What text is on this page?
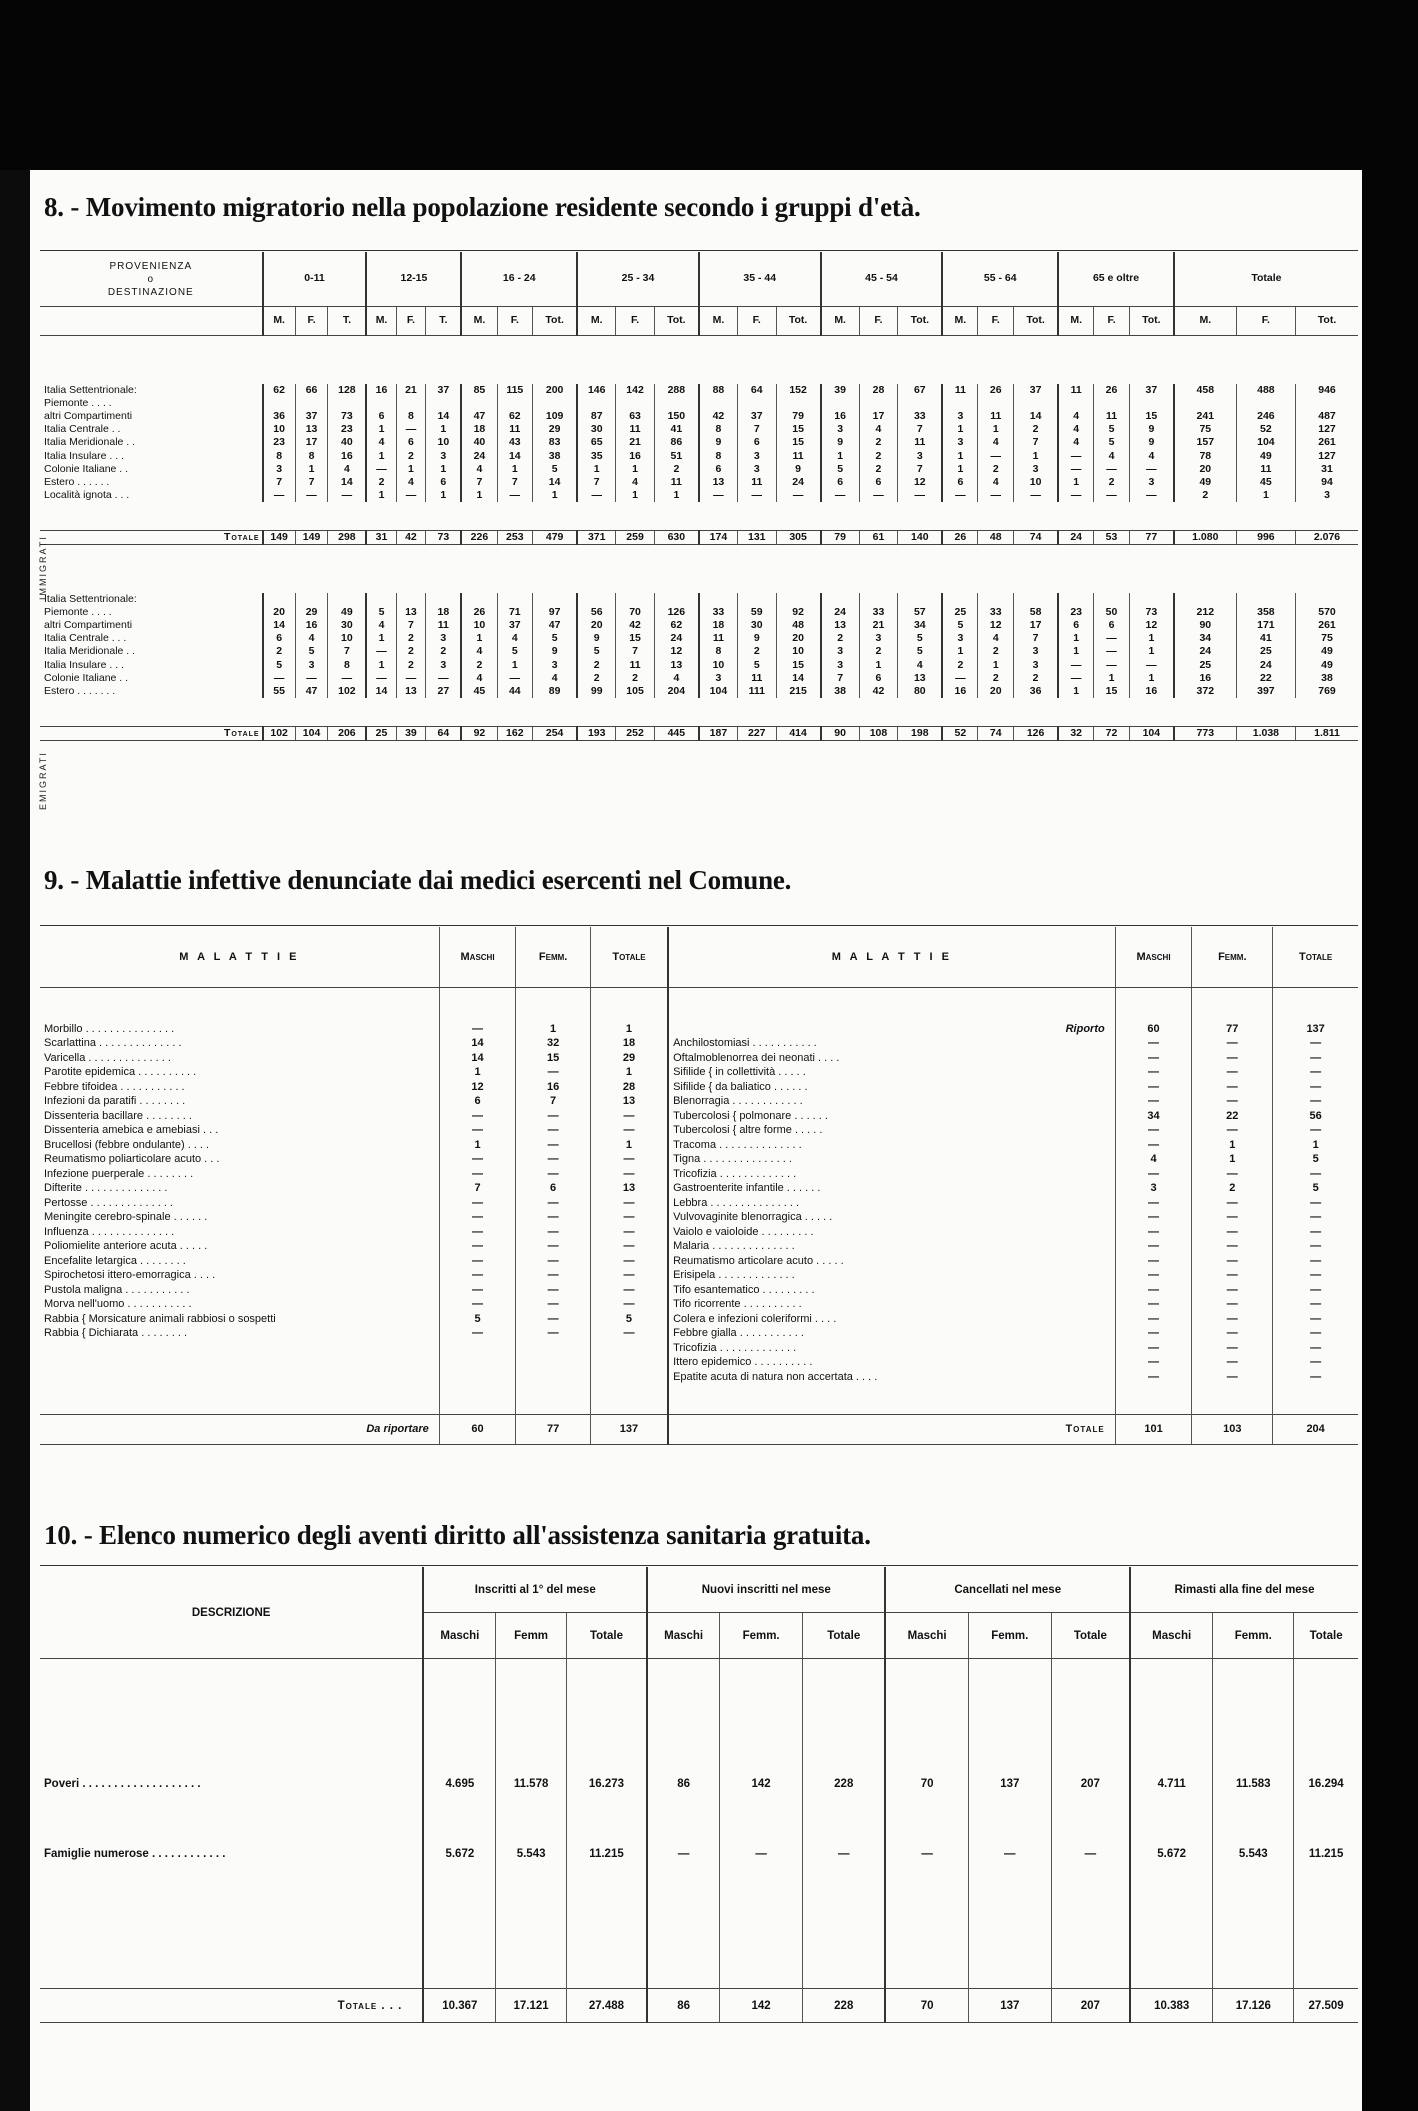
8. - Movimento migratorio nella popolazione residente secondo i gruppi d'età.
PROVENIENZA
o
DESTINAZIONE	0-11			12-15			16 - 24			25 - 34			35 - 44			45 - 54			55 - 64			65 e oltre			Totale		
	M.	F.	T.	M.	F.	T.	M.	F.	Tot.	M.	F.	Tot.	M.	F.	Tot.	M.	F.	Tot.	M.	F.	Tot.	M.	F.	Tot.	M.	F.	Tot.

Italia Settentrionale:	62	66	128	16	21	37	85	115	200	146	142	288	88	64	152	39	28	67	11	26	37	11	26	37	458	488	946
Piemonte . . . .																											
altri Compartimenti	36	37	73	6	8	14	47	62	109	87	63	150	42	37	79	16	17	33	3	11	14	4	11	15	241	246	487
Italia Centrale . .	10	13	23	1	—	1	18	11	29	30	11	41	8	7	15	3	4	7	1	1	2	4	5	9	75	52	127
Italia Meridionale . .	23	17	40	4	6	10	40	43	83	65	21	86	9	6	15	9	2	11	3	4	7	4	5	9	157	104	261
Italia Insulare . . .	8	8	16	1	2	3	24	14	38	35	16	51	8	3	11	1	2	3	1	—	1	—	4	4	78	49	127
Colonie Italiane . .	3	1	4	—	1	1	4	1	5	1	1	2	6	3	9	5	2	7	1	2	3	—	—	—	20	11	31
Estero . . . . . .	7	7	14	2	4	6	7	7	14	7	4	11	13	11	24	6	6	12	6	4	10	1	2	3	49	45	94
Località ignota . . .	—	—	—	1	—	1	1	—	1	—	1	1	—	—	—	—	—	—	—	—	—	—	—	—	2	1	3

Totale	149	149	298	31	42	73	226	253	479	371	259	630	174	131	305	79	61	140	26	48	74	24	53	77	1.080	996	2.076

Italia Settentrionale:																											
Piemonte . . . .	20	29	49	5	13	18	26	71	97	56	70	126	33	59	92	24	33	57	25	33	58	23	50	73	212	358	570
altri Compartimenti	14	16	30	4	7	11	10	37	47	20	42	62	18	30	48	13	21	34	5	12	17	6	6	12	90	171	261
Italia Centrale . . .	6	4	10	1	2	3	1	4	5	9	15	24	11	9	20	2	3	5	3	4	7	1	—	1	34	41	75
Italia Meridionale . .	2	5	7	—	2	2	4	5	9	5	7	12	8	2	10	3	2	5	1	2	3	1	—	1	24	25	49
Italia Insulare . . .	5	3	8	1	2	3	2	1	3	2	11	13	10	5	15	3	1	4	2	1	3	—	—	—	25	24	49
Colonie Italiane . .	—	—	—	—	—	—	4	—	4	2	2	4	3	11	14	7	6	13	—	2	2	—	1	1	16	22	38
Estero . . . . . . .	55	47	102	14	13	27	45	44	89	99	105	204	104	111	215	38	42	80	16	20	36	1	15	16	372	397	769

Totale	102	104	206	25	39	64	92	162	254	193	252	445	187	227	414	90	108	198	52	74	126	32	72	104	773	1.038	1.811
IMMIGRATI
EMIGRATI
9. - Malattie infettive denunciate dai medici esercenti nel Comune.
M A L A T T I E	Maschi	Femm.	Totale	M A L A T T I E	Maschi	Femm.	Totale

Morbillo . . . . . . . . . . . . . . .	—	1	1	Riporto	60	77	137
Scarlattina . . . . . . . . . . . . . .	14	32	18	Anchilostomiasi . . . . . . . . . . .	—	—	—
Varicella . . . . . . . . . . . . . .	14	15	29	Oftalmoblenorrea dei neonati . . . .	—	—	—
Parotite epidemica . . . . . . . . . .	1	—	1	Sifilide { in collettività . . . . .	—	—	—
Febbre tifoidea . . . . . . . . . . .	12	16	28	Sifilide { da baliatico . . . . . .	—	—	—
Infezioni da paratifi . . . . . . . .	6	7	13	Blenorragia . . . . . . . . . . . .	—	—	—
Dissenteria bacillare . . . . . . . .	—	—	—	Tubercolosi { polmonare . . . . . .	34	22	56
Dissenteria amebica e amebiasi . . .	—	—	—	Tubercolosi { altre forme . . . . .	—	—	—
Brucellosi (febbre ondulante) . . . .	1	—	1	Tracoma . . . . . . . . . . . . . .	—	1	1
Reumatismo poliarticolare acuto . . .	—	—	—	Tigna . . . . . . . . . . . . . . .	4	1	5
Infezione puerperale . . . . . . . .	—	—	—	Tricofizia . . . . . . . . . . . . .	—	—	—
Difterite . . . . . . . . . . . . . .	7	6	13	Gastroenterite infantile . . . . . .	3	2	5
Pertosse . . . . . . . . . . . . . .	—	—	—	Lebbra . . . . . . . . . . . . . . .	—	—	—
Meningite cerebro-spinale . . . . . .	—	—	—	Vulvovaginite blenorragica . . . . .	—	—	—
Influenza . . . . . . . . . . . . . .	—	—	—	Vaiolo e vaioloide . . . . . . . . .	—	—	—
Poliomielite anteriore acuta . . . . .	—	—	—	Malaria . . . . . . . . . . . . . .	—	—	—
Encefalite letargica . . . . . . . .	—	—	—	Reumatismo articolare acuto . . . . .	—	—	—
Spirochetosi ittero-emorragica . . . .	—	—	—	Erisipela . . . . . . . . . . . . .	—	—	—
Pustola maligna . . . . . . . . . . .	—	—	—	Tifo esantematico . . . . . . . . .	—	—	—
Morva nell'uomo . . . . . . . . . . .	—	—	—	Tifo ricorrente . . . . . . . . . .	—	—	—
Rabbia { Morsicature animali rabbiosi o sospetti	5	—	5	Colera e infezioni coleriformi . . . .	—	—	—
Rabbia { Dichiarata . . . . . . . .	—	—	—	Febbre gialla . . . . . . . . . . .	—	—	—
				Tricofizia . . . . . . . . . . . . .	—	—	—
				Ittero epidemico . . . . . . . . . .	—	—	—
				Epatite acuta di natura non accertata . . . .	—	—	—

Da riportare	60	77	137	Totale	101	103	204
10. - Elenco numerico degli aventi diritto all'assistenza sanitaria gratuita.
DESCRIZIONE	Inscritti al 1° del mese			Nuovi inscritti nel mese			Cancellati nel mese			Rimasti alla fine del mese		
	Maschi	Femm	Totale	Maschi	Femm.	Totale	Maschi	Femm.	Totale	Maschi	Femm.	Totale

Poveri . . . . . . . . . . . . . . . . . . .	4.695	11.578	16.273	86	142	228	70	137	207	4.711	11.583	16.294

Famiglie numerose . . . . . . . . . . . .	5.672	5.543	11.215	—	—	—	—	—	—	5.672	5.543	11.215

Totale . . .	10.367	17.121	27.488	86	142	228	70	137	207	10.383	17.126	27.509
